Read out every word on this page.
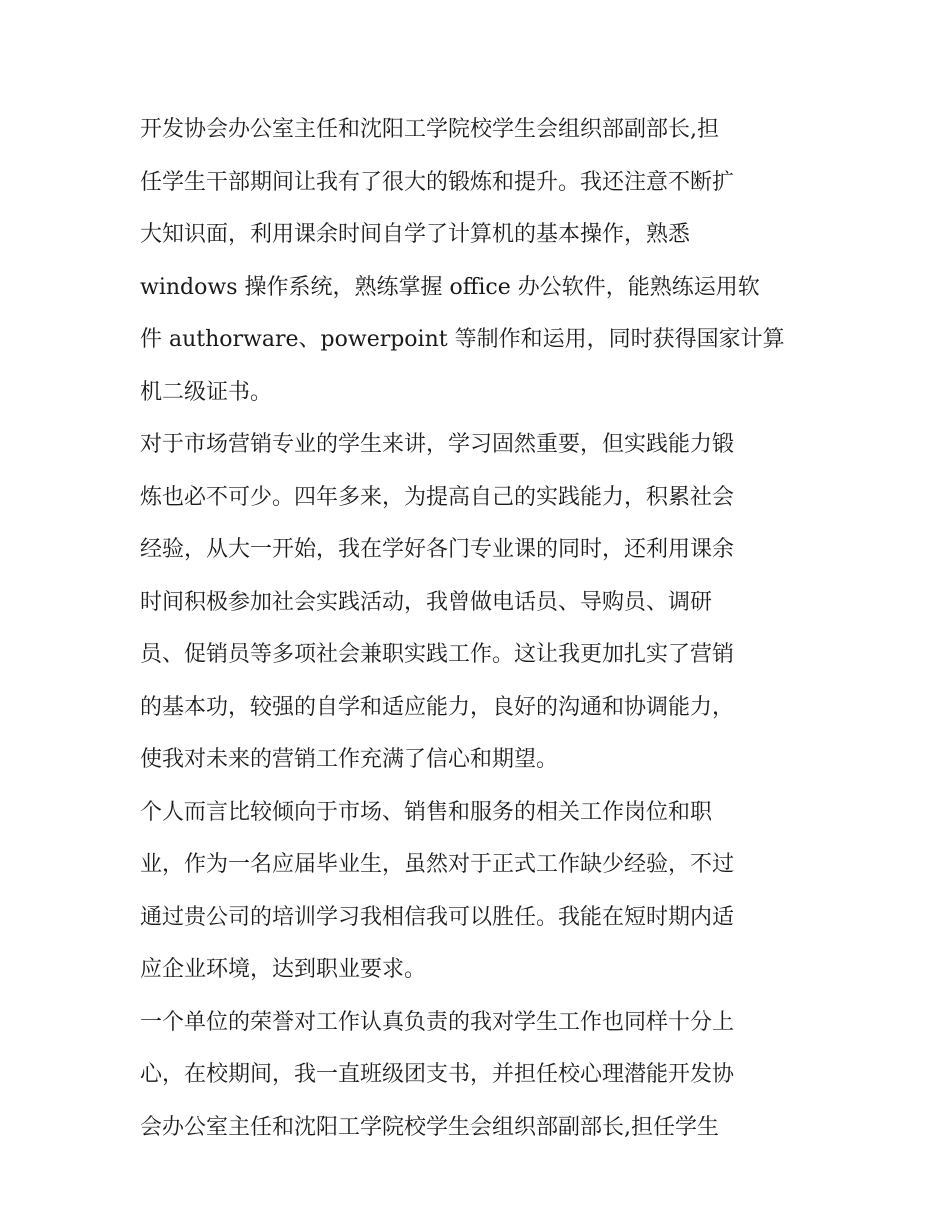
开发协会办公室主任和沈阳工学院校学生会组织部副部长,担
任学生干部期间让我有了很大的锻炼和提升。我还注意不断扩
大知识面，利用课余时间自学了计算机的基本操作，熟悉
windows 操作系统，熟练掌握 office 办公软件，能熟练运用软
件 authorware、powerpoint 等制作和运用，同时获得国家计算
机二级证书。
对于市场营销专业的学生来讲，学习固然重要，但实践能力锻
炼也必不可少。四年多来，为提高自己的实践能力，积累社会
经验，从大一开始，我在学好各门专业课的同时，还利用课余
时间积极参加社会实践活动，我曾做电话员、导购员、调研
员、促销员等多项社会兼职实践工作。这让我更加扎实了营销
的基本功，较强的自学和适应能力，良好的沟通和协调能力，
使我对未来的营销工作充满了信心和期望。
个人而言比较倾向于市场、销售和服务的相关工作岗位和职
业，作为一名应届毕业生，虽然对于正式工作缺少经验，不过
通过贵公司的培训学习我相信我可以胜任。我能在短时期内适
应企业环境，达到职业要求。
一个单位的荣誉对工作认真负责的我对学生工作也同样十分上
心，在校期间，我一直班级团支书，并担任校心理潜能开发协
会办公室主任和沈阳工学院校学生会组织部副部长,担任学生
